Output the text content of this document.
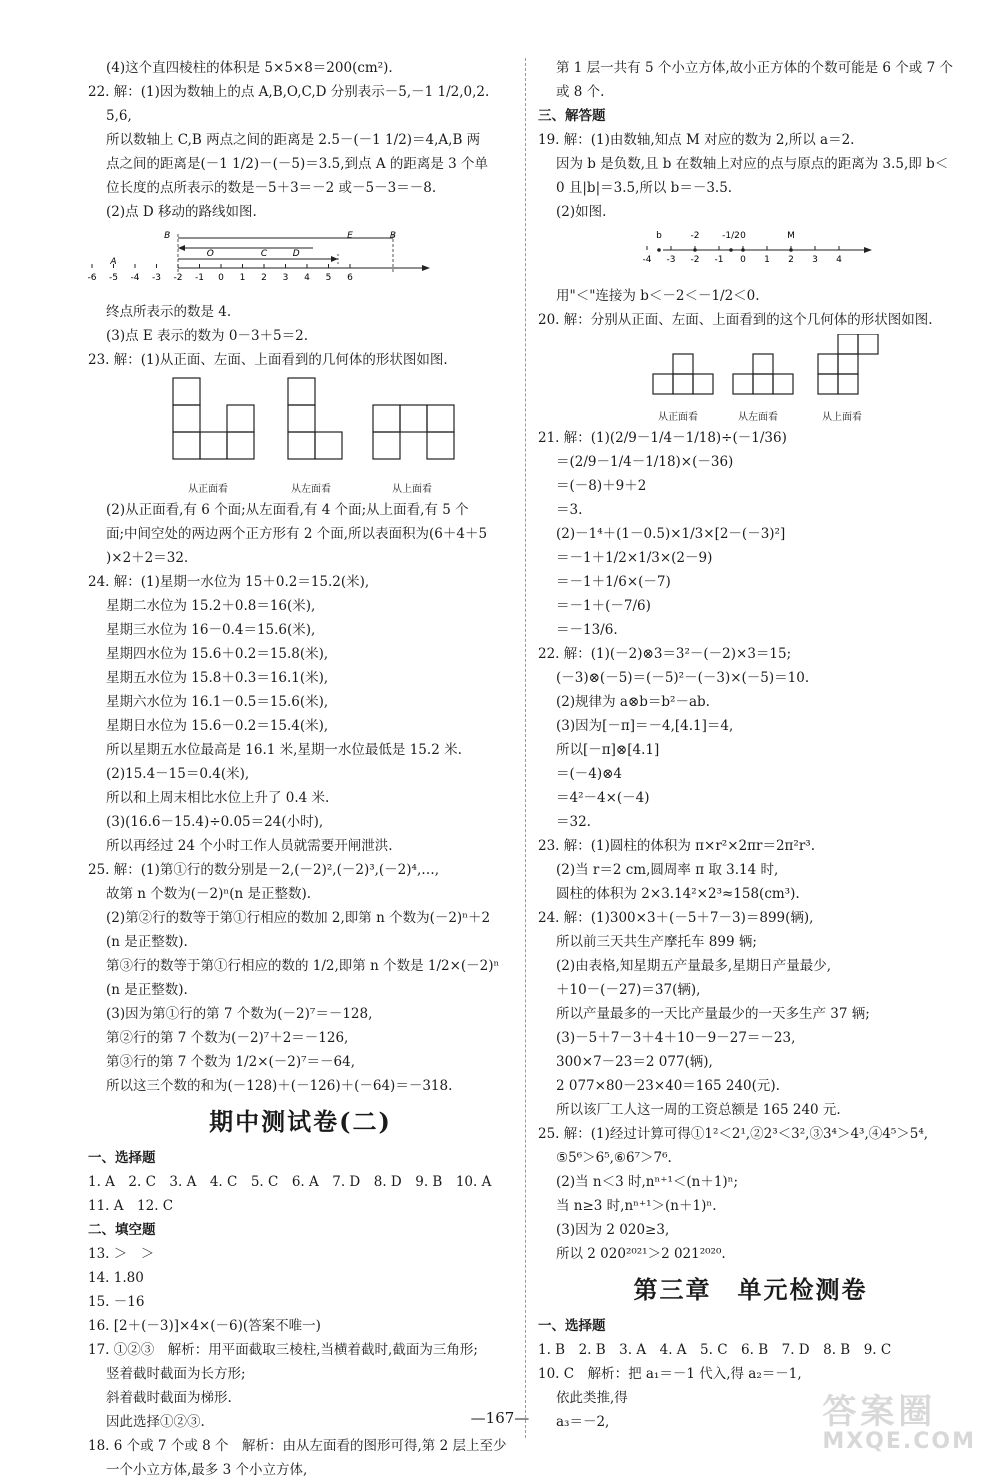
(4)这个直四棱柱的体积是 5×5×8＝200(cm²).

22. 解：(1)因为数轴上的点 A,B,O,C,D 分别表示－5,－1 1/2,0,2.

5,6,

所以数轴上 C,B 两点之间的距离是 2.5－(－1 1/2)＝4,A,B 两

点之间的距离是(－1 1/2)－(－5)＝3.5,到点 A 的距离是 3 个单

位长度的点所表示的数是－5＋3＝－2 或－5－3＝－8.

(2)点 D 移动的路线如图.

-6 -5 -4 -3 -2 -1 0 1 2 3 4 5 6
A
B
O	C	D
E	B

终点所表示的数是 4.

(3)点 E 表示的数为 0－3＋5＝2.

23. 解：(1)从正面、左面、上面看到的几何体的形状图如图.

从正面看	从左面看	从上面看

(2)从正面看,有 6 个面;从左面看,有 4 个面;从上面看,有 5 个

面;中间空处的两边两个正方形有 2 个面,所以表面积为(6＋4＋5

)×2＋2＝32.

24. 解：(1)星期一水位为 15＋0.2＝15.2(米),

星期二水位为 15.2＋0.8＝16(米),

星期三水位为 16－0.4＝15.6(米),

星期四水位为 15.6＋0.2＝15.8(米),

星期五水位为 15.8＋0.3＝16.1(米),

星期六水位为 16.1－0.5＝15.6(米),

星期日水位为 15.6－0.2＝15.4(米),

所以星期五水位最高是 16.1 米,星期一水位最低是 15.2 米.

(2)15.4－15＝0.4(米),

所以和上周末相比水位上升了 0.4 米.

(3)(16.6－15.4)÷0.05＝24(小时),

所以再经过 24 个小时工作人员就需要开闸泄洪.

25. 解：(1)第①行的数分别是－2,(－2)²,(－2)³,(－2)⁴,…,

故第 n 个数为(－2)ⁿ(n 是正整数).

(2)第②行的数等于第①行相应的数加 2,即第 n 个数为(－2)ⁿ＋2

(n 是正整数).

第③行的数等于第①行相应的数的 1/2,即第 n 个数是 1/2×(－2)ⁿ

(n 是正整数).

(3)因为第①行的第 7 个数为(－2)⁷＝－128,

第②行的第 7 个数为(－2)⁷＋2＝－126,

第③行的第 7 个数为 1/2×(－2)⁷＝－64,

所以这三个数的和为(－128)＋(－126)＋(－64)＝－318.

期中测试卷(二)

一、选择题

1. A　2. C　3. A　4. C　5. C　6. A　7. D　8. D　9. B　10. A

11. A　12. C

二、填空题

13. ＞　＞

14. 1.80

15. －16

16. [2＋(－3)]×4×(－6)(答案不唯一)

17. ①②③　解析：用平面截取三棱柱,当横着截时,截面为三角形;

竖着截时截面为长方形;

斜着截时截面为梯形.

因此选择①②③.

18. 6 个或 7 个或 8 个　解析：由从左面看的图形可得,第 2 层上至少

一个小立方体,最多 3 个小立方体,

第 1 层一共有 5 个小立方体,故小正方体的个数可能是 6 个或 7 个

或 8 个.

三、解答题

19. 解：(1)由数轴,知点 M 对应的数为 2,所以 a＝2.

因为 b 是负数,且 b 在数轴上对应的点与原点的距离为 3.5,即 b＜

0 且|b|＝3.5,所以 b＝－3.5.

(2)如图.

-4 -3 -2 -1 0 1 2 3 4
b	-2	-1/2 0	M

用"＜"连接为 b＜－2＜－1/2＜0.

20. 解：分别从正面、左面、上面看到的这个几何体的形状图如图.

从正面看	从左面看	从上面看

21. 解：(1)(2/9－1/4－1/18)÷(－1/36)

＝(2/9－1/4－1/18)×(－36)

＝(－8)＋9＋2

＝3.

(2)－1⁴＋(1－0.5)×1/3×[2－(－3)²]

＝－1＋1/2×1/3×(2－9)

＝－1＋1/6×(－7)

＝－1＋(－7/6)

＝－13/6.

22. 解：(1)(－2)⊗3＝3²－(－2)×3＝15;

(－3)⊗(－5)＝(－5)²－(－3)×(－5)＝10.

(2)规律为 a⊗b＝b²－ab.

(3)因为[－π]＝－4,[4.1]＝4,

所以[－π]⊗[4.1]

＝(－4)⊗4

＝4²－4×(－4)

＝32.

23. 解：(1)圆柱的体积为 π×r²×2πr＝2π²r³.

(2)当 r＝2 cm,圆周率 π 取 3.14 时,

圆柱的体积为 2×3.14²×2³≈158(cm³).

24. 解：(1)300×3＋(－5＋7－3)＝899(辆),

所以前三天共生产摩托车 899 辆;

(2)由表格,知星期五产量最多,星期日产量最少,

＋10－(－27)＝37(辆),

所以产量最多的一天比产量最少的一天多生产 37 辆;

(3)－5＋7－3＋4＋10－9－27＝－23,

300×7－23＝2 077(辆),

2 077×80－23×40＝165 240(元).

所以该厂工人这一周的工资总额是 165 240 元.

25. 解：(1)经过计算可得①1²＜2¹,②2³＜3²,③3⁴＞4³,④4⁵＞5⁴,

⑤5⁶＞6⁵,⑥6⁷＞7⁶.

(2)当 n＜3 时,nⁿ⁺¹＜(n＋1)ⁿ;

当 n≥3 时,nⁿ⁺¹＞(n＋1)ⁿ.

(3)因为 2 020≥3,

所以 2 020²⁰²¹＞2 021²⁰²⁰.

第三章　单元检测卷

一、选择题

1. B　2. B　3. A　4. A　5. C　6. B　7. D　8. B　9. C

10. C　解析：把 a₁＝－1 代入,得 a₂＝－1,

依此类推,得

a₃＝－2,

—167—	答案圈
MXQE.COM
